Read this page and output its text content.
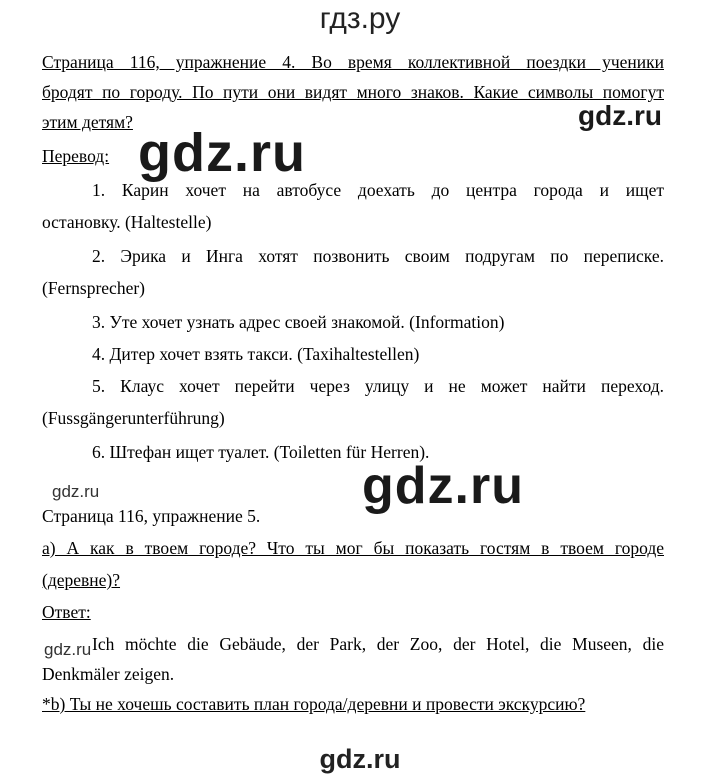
гдз.ру
gdz.ru
gdz.ru
gdz.ru
gdz.ru
gdz.ru
Страница 116, упражнение 4. Во время коллективной поездки ученики
бродят по городу. По пути они видят много знаков. Какие символы помогут
этим детям?
Перевод:
1. Карин хочет на автобусе доехать до центра города и ищет
остановку. (Haltestelle)
2. Эрика и Инга хотят позвонить своим подругам по переписке.
(Fernsprecher)
3. Уте хочет узнать адрес своей знакомой. (Information)
4. Дитер хочет взять такси. (Taxihaltestellen)
5. Клаус хочет перейти через улицу и не может найти переход.
(Fussgängerunterführung)
6. Штефан ищет туалет. (Toiletten für Herren).
Страница 116, упражнение 5.
а) А как в твоем городе? Что ты мог бы показать гостям в твоем городе
(деревне)?
Ответ:
Ich möchte die Gebäude, der Park, der Zoo, der Hotel, die Museen, die
Denkmäler zeigen.
*b) Ты не хочешь составить план города/деревни и провести экскурсию?
gdz.ru
